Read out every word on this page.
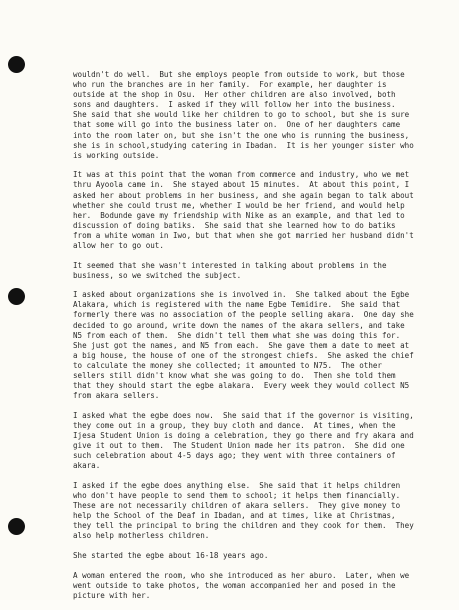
wouldn't do well.  But she employs people from outside to work, but those
who run the branches are in her family.  For example, her daughter is
outside at the shop in Osu.  Her other children are also involved, both
sons and daughters.  I asked if they will follow her into the business.
She said that she would like her children to go to school, but she is sure
that some will go into the business later on.  One of her daughters came
into the room later on, but she isn't the one who is running the business,
she is in school,studying catering in Ibadan.  It is her younger sister who
is working outside.

It was at this point that the woman from commerce and industry, who we met
thru Ayoola came in.  She stayed about 15 minutes.  At about this point, I
asked her about problems in her business, and she again began to talk about
whether she could trust me, whether I would be her friend, and would help
her.  Bodunde gave my friendship with Nike as an example, and that led to
discussion of doing batiks.  She said that she learned how to do batiks
from a white woman in Iwo, but that when she got married her husband didn't
allow her to go out.

It seemed that she wasn't interested in talking about problems in the
business, so we switched the subject.

I asked about organizations she is involved in.  She talked about the Egbe
Alakara, which is registered with the name Egbe Temidire.  She said that
formerly there was no association of the people selling akara.  One day she
decided to go around, write down the names of the akara sellers, and take
N5 from each of them.  She didn't tell them what she was doing this for.
She just got the names, and N5 from each.  She gave them a date to meet at
a big house, the house of one of the strongest chiefs.  She asked the chief
to calculate the money she collected; it amounted to N75.  The other
sellers still didn't know what she was going to do.  Then she told them
that they should start the egbe alakara.  Every week they would collect N5
from akara sellers.

I asked what the egbe does now.  She said that if the governor is visiting,
they come out in a group, they buy cloth and dance.  At times, when the
Ijesa Student Union is doing a celebration, they go there and fry akara and
give it out to them.  The Student Union made her its patron.  She did one
such celebration about 4-5 days ago; they went with three containers of
akara.

I asked if the egbe does anything else.  She said that it helps children
who don't have people to send them to school; it helps them financially.
These are not necessarily children of akara sellers.  They give money to
help the School of the Deaf in Ibadan, and at times, like at Christmas,
they tell the principal to bring the children and they cook for them.  They
also help motherless children.

She started the egbe about 16-18 years ago.

A woman entered the room, who she introduced as her aburo.  Later, when we
went outside to take photos, the woman accompanied her and posed in the
picture with her.
